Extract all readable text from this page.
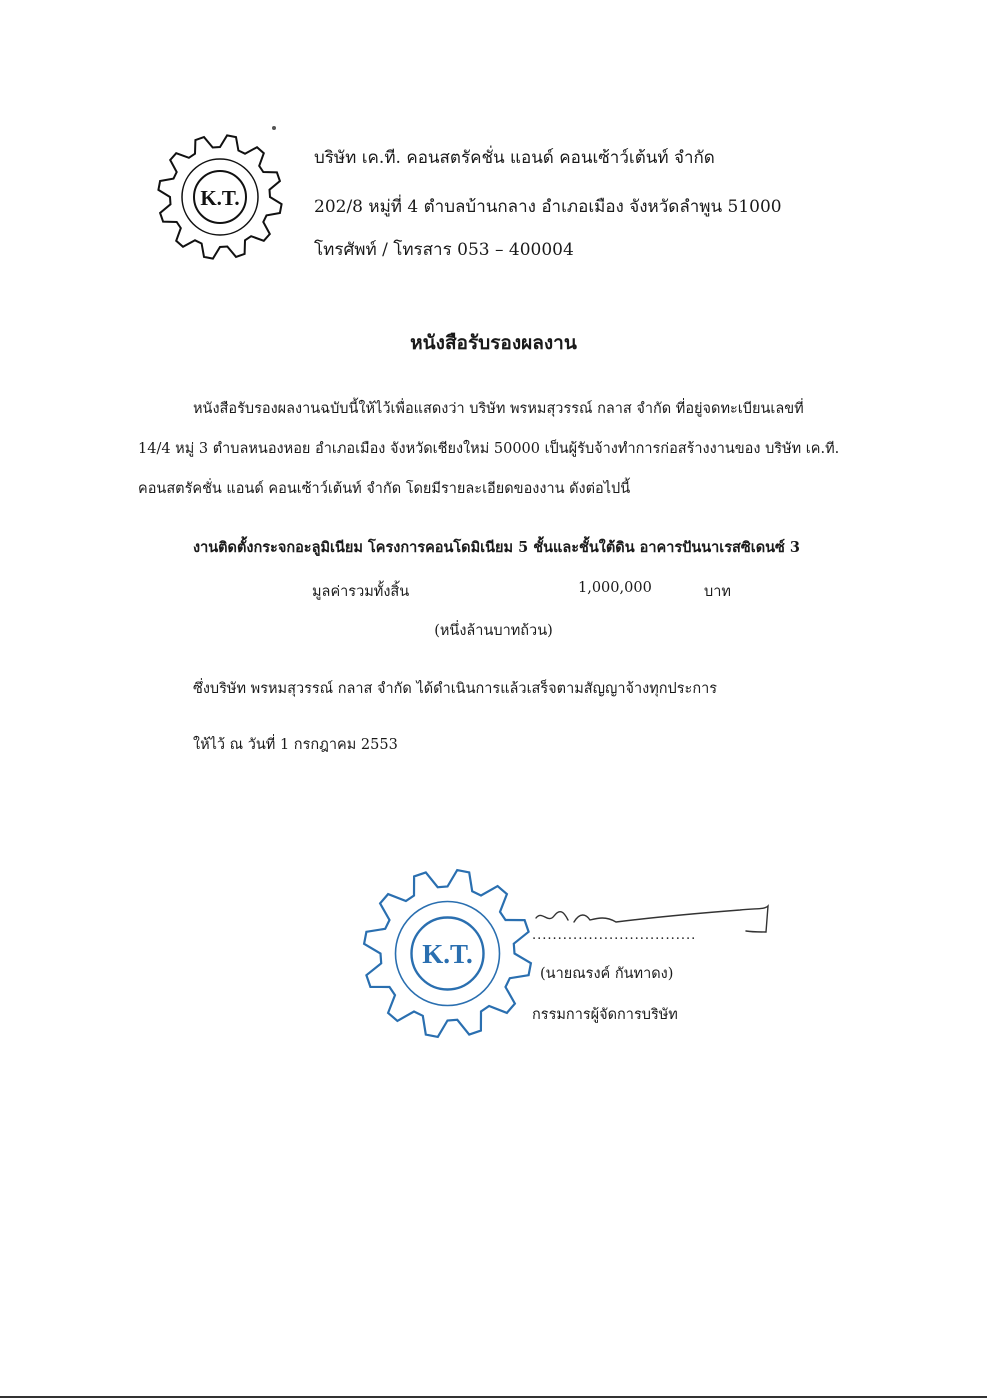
K.T.
บริษัท เค.ที. คอนสตรัคชั่น แอนด์ คอนเซ้าว์เต้นท์ จำกัด
202/8 หมู่ที่ 4 ตำบลบ้านกลาง อำเภอเมือง จังหวัดลำพูน 51000
โทรศัพท์ / โทรสาร 053 – 400004
หนังสือรับรองผลงาน
หนังสือรับรองผลงานฉบับนี้ให้ไว้เพื่อแสดงว่า บริษัท พรหมสุวรรณ์ กลาส จำกัด ที่อยู่จดทะเบียนเลขที่
14/4 หมู่ 3 ตำบลหนองหอย อำเภอเมือง จังหวัดเชียงใหม่ 50000 เป็นผู้รับจ้างทำการก่อสร้างงานของ บริษัท เค.ที.
คอนสตรัคชั่น แอนด์ คอนเซ้าว์เต้นท์ จำกัด โดยมีรายละเอียดของงาน ดังต่อไปนี้
งานติดตั้งกระจกอะลูมิเนียม โครงการคอนโดมิเนียม 5 ชั้นและชั้นใต้ดิน อาคารปันนาเรสซิเดนซ์ 3
มูลค่ารวมทั้งสิ้น	1,000,000	บาท
(หนึ่งล้านบาทถ้วน)
ซึ่งบริษัท พรหมสุวรรณ์ กลาส จำกัด ได้ดำเนินการแล้วเสร็จตามสัญญาจ้างทุกประการ
ให้ไว้ ณ วันที่ 1 กรกฎาคม 2553
K.T.
................................
(นายณรงค์ กันทาดง)
กรรมการผู้จัดการบริษัท
